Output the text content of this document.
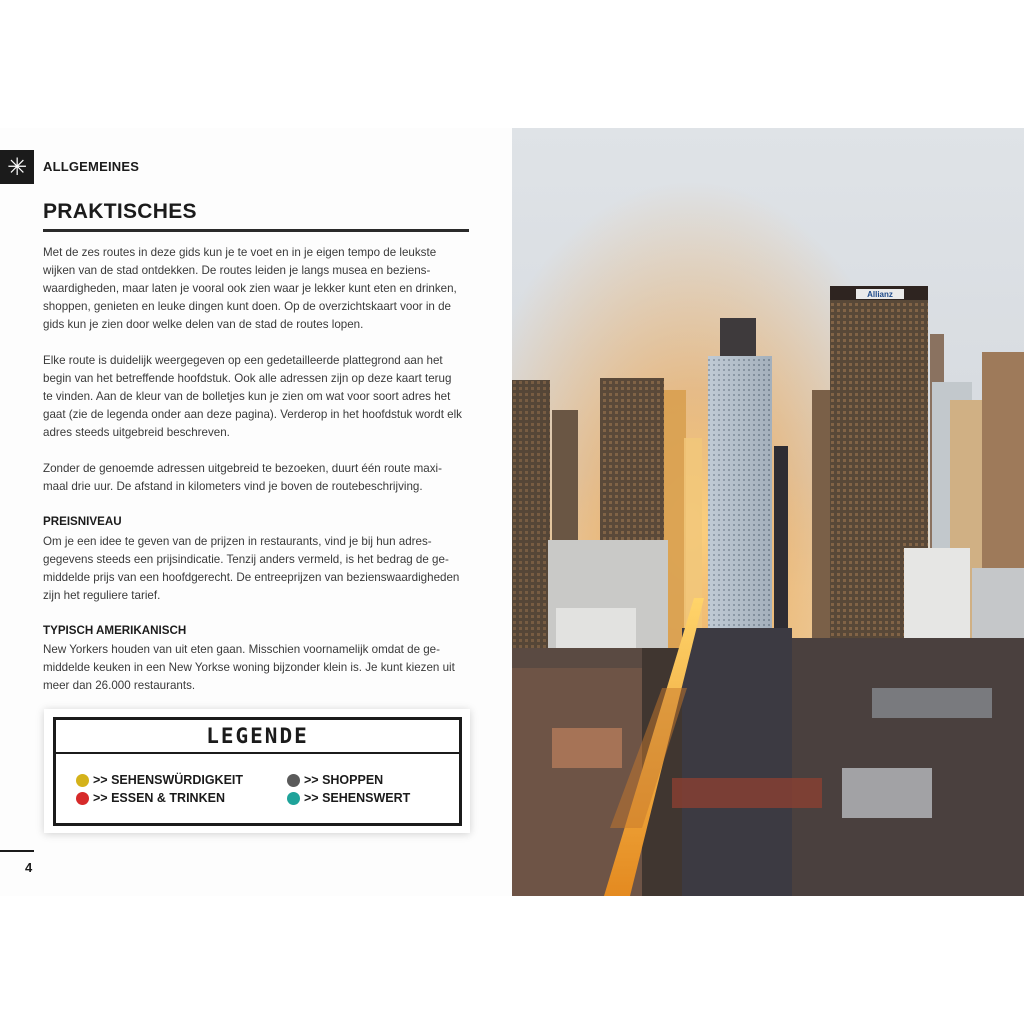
✳	ALLGEMEINES
PRAKTISCHES
Met de zes routes in deze gids kun je te voet en in je eigen tempo de leukste
wijken van de stad ontdekken. De routes leiden je langs musea en beziens-
waardigheden, maar laten je vooral ook zien waar je lekker kunt eten en drinken,
shoppen, genieten en leuke dingen kunt doen. Op de overzichtskaart voor in de
gids kun je zien door welke delen van de stad de routes lopen.
Elke route is duidelijk weergegeven op een gedetailleerde plattegrond aan het
begin van het betreffende hoofdstuk. Ook alle adressen zijn op deze kaart terug
te vinden. Aan de kleur van de bolletjes kun je zien om wat voor soort adres het
gaat (zie de legenda onder aan deze pagina). Verderop in het hoofdstuk wordt elk
adres steeds uitgebreid beschreven.
Zonder de genoemde adressen uitgebreid te bezoeken, duurt één route maxi-
maal drie uur. De afstand in kilometers vind je boven de routebeschrijving.
PREISNIVEAU
Om je een idee te geven van de prijzen in restaurants, vind je bij hun adres-
gegevens steeds een prijsindicatie. Tenzij anders vermeld, is het bedrag de ge-
middelde prijs van een hoofdgerecht. De entreeprijzen van bezienswaardigheden
zijn het reguliere tarief.
TYPISCH AMERIKANISCH
New Yorkers houden van uit eten gaan. Misschien voornamelijk omdat de ge-
middelde keuken in een New Yorkse woning bijzonder klein is. Je kunt kiezen uit
meer dan 26.000 restaurants.
LEGENDE
>> SEHENSWÜRDIGKEIT	>> SHOPPEN
>> ESSEN & TRINKEN	>> SEHENSWERT
4
Allianz
